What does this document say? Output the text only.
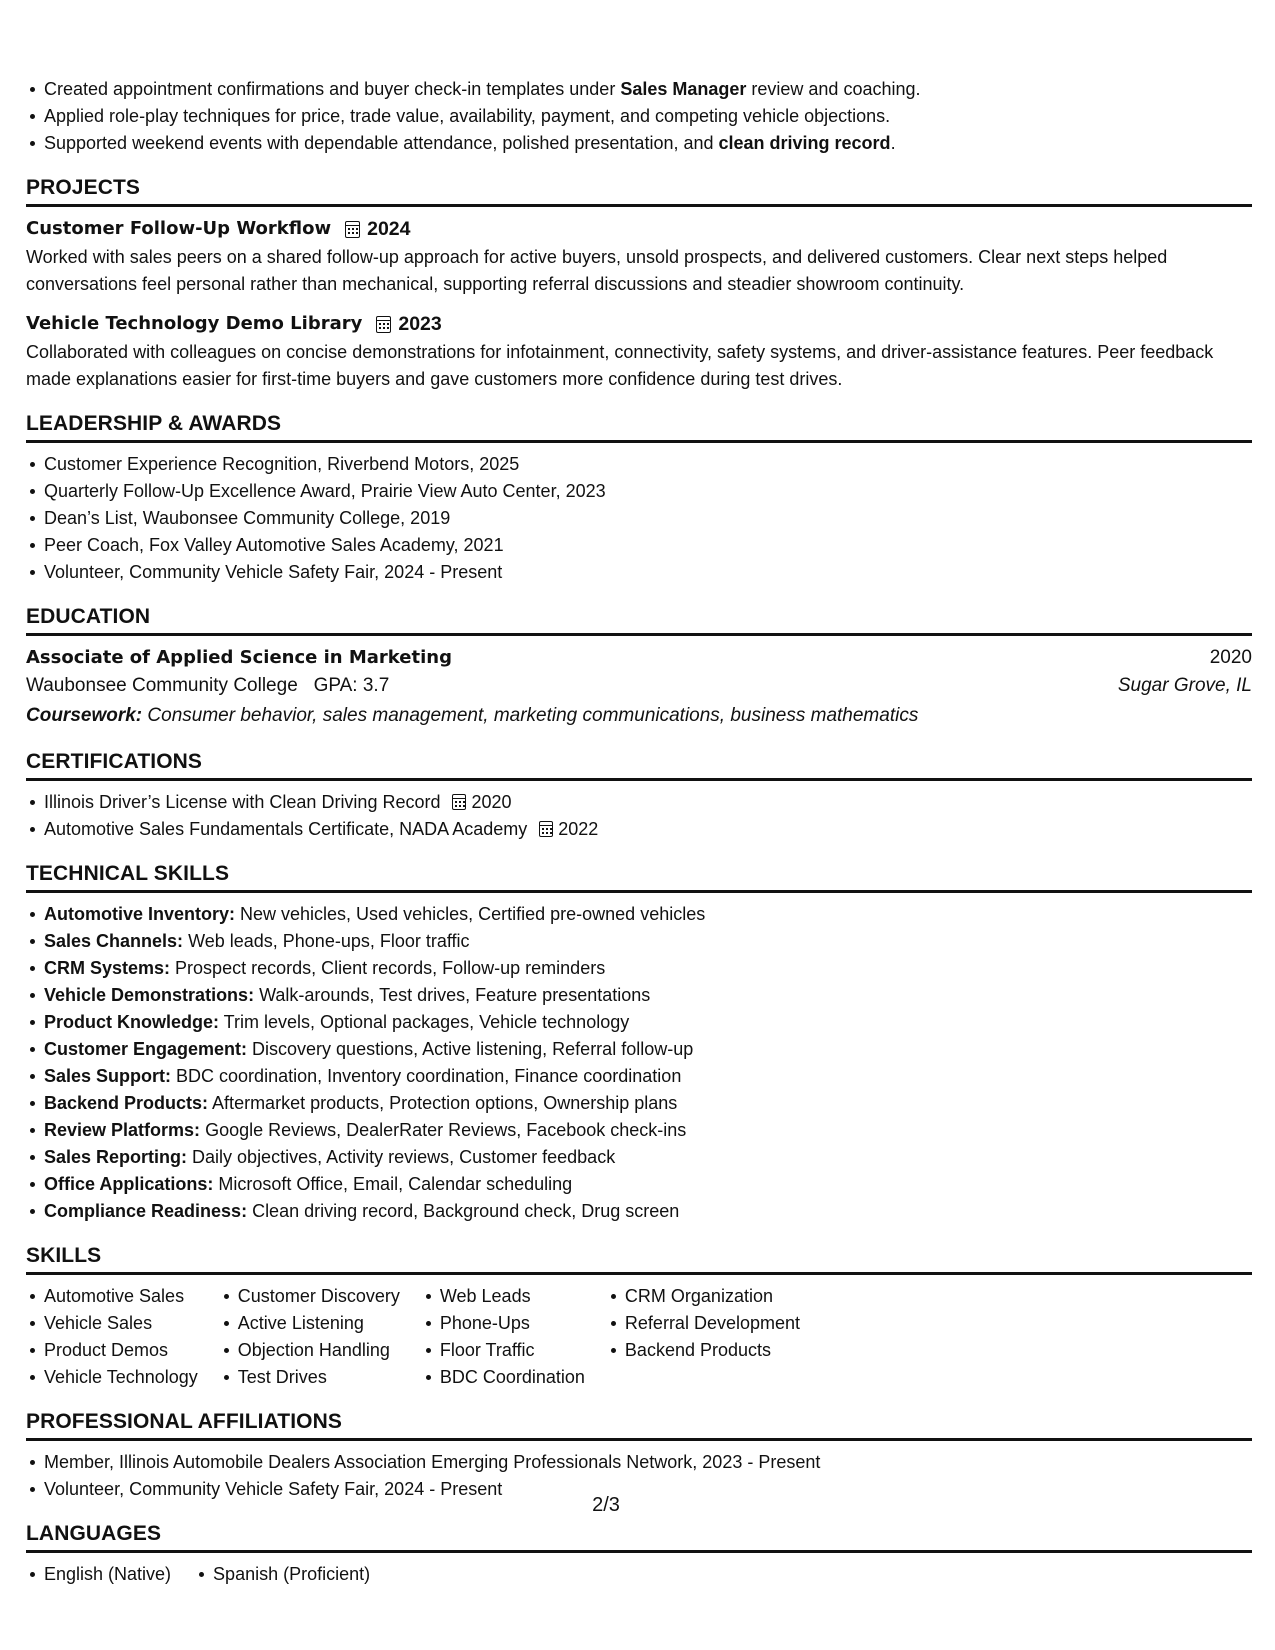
Created appointment confirmations and buyer check-in templates under Sales Manager review and coaching.
Applied role-play techniques for price, trade value, availability, payment, and competing vehicle objections.
Supported weekend events with dependable attendance, polished presentation, and clean driving record.
PROJECTS
Customer Follow-Up Workflow 2024
Worked with sales peers on a shared follow-up approach for active buyers, unsold prospects, and delivered customers. Clear next steps helped conversations feel personal rather than mechanical, supporting referral discussions and steadier showroom continuity.
Vehicle Technology Demo Library 2023
Collaborated with colleagues on concise demonstrations for infotainment, connectivity, safety systems, and driver-assistance features. Peer feedback made explanations easier for first-time buyers and gave customers more confidence during test drives.
LEADERSHIP & AWARDS
Customer Experience Recognition, Riverbend Motors, 2025
Quarterly Follow-Up Excellence Award, Prairie View Auto Center, 2023
Dean’s List, Waubonsee Community College, 2019
Peer Coach, Fox Valley Automotive Sales Academy, 2021
Volunteer, Community Vehicle Safety Fair, 2024 - Present
EDUCATION
Associate of Applied Science in Marketing	2020
Waubonsee Community College   GPA: 3.7	Sugar Grove, IL
Coursework: Consumer behavior, sales management, marketing communications, business mathematics
CERTIFICATIONS
Illinois Driver’s License with Clean Driving Record 2020
Automotive Sales Fundamentals Certificate, NADA Academy 2022
TECHNICAL SKILLS
Automotive Inventory: New vehicles, Used vehicles, Certified pre-owned vehicles
Sales Channels: Web leads, Phone-ups, Floor traffic
CRM Systems: Prospect records, Client records, Follow-up reminders
Vehicle Demonstrations: Walk-arounds, Test drives, Feature presentations
Product Knowledge: Trim levels, Optional packages, Vehicle technology
Customer Engagement: Discovery questions, Active listening, Referral follow-up
Sales Support: BDC coordination, Inventory coordination, Finance coordination
Backend Products: Aftermarket products, Protection options, Ownership plans
Review Platforms: Google Reviews, DealerRater Reviews, Facebook check-ins
Sales Reporting: Daily objectives, Activity reviews, Customer feedback
Office Applications: Microsoft Office, Email, Calendar scheduling
Compliance Readiness: Clean driving record, Background check, Drug screen
SKILLS
Automotive Sales
Vehicle Sales
Product Demos
Vehicle Technology
Customer Discovery
Active Listening
Objection Handling
Test Drives
Web Leads
Phone-Ups
Floor Traffic
BDC Coordination
CRM Organization
Referral Development
Backend Products
PROFESSIONAL AFFILIATIONS
Member, Illinois Automobile Dealers Association Emerging Professionals Network, 2023 - Present
Volunteer, Community Vehicle Safety Fair, 2024 - Present
LANGUAGES
English (Native)	Spanish (Proficient)
2/3
